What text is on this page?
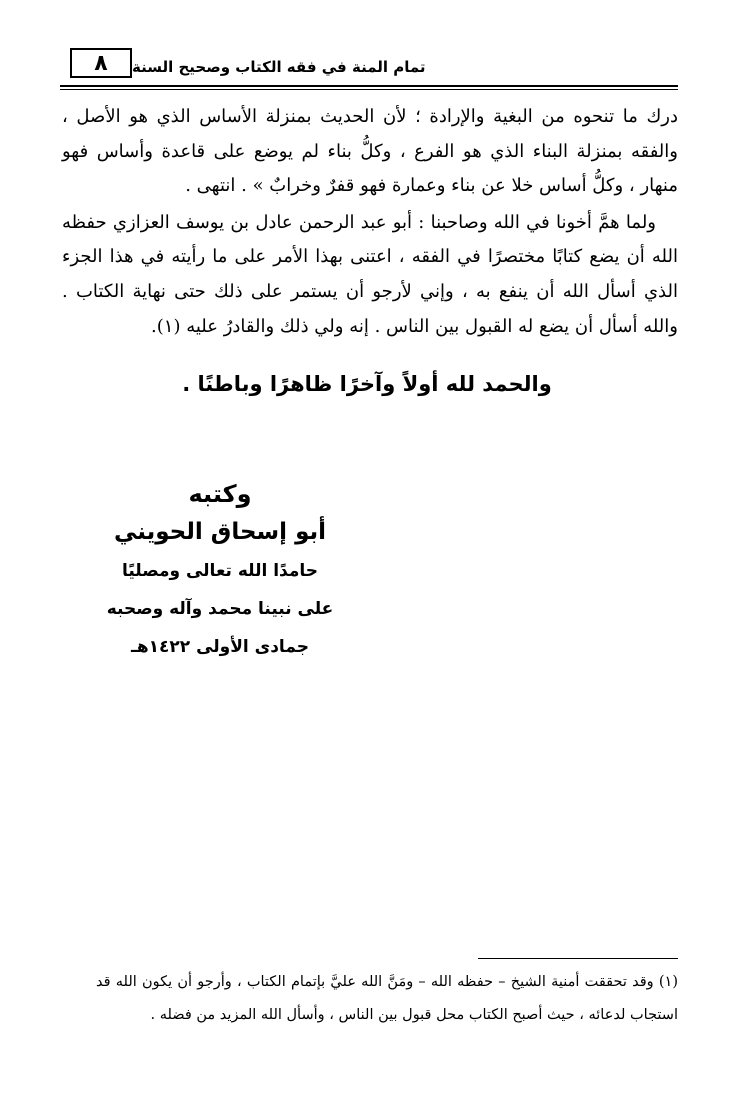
٨ تمام المنة في فقه الكتاب وصحيح السنة

درك ما تنحوه من البغية والإرادة ؛ لأن الحديث بمنزلة الأساس الذي هو الأصل ، والفقه بمنزلة البناء الذي هو الفرع ، وكلُّ بناء لم يوضع على قاعدة وأساس فهو منهار ، وكلُّ أساس خلا عن بناء وعمارة فهو قفرٌ وخرابٌ » . انتهى .

ولما همَّ أخونا في الله وصاحبنا : أبو عبد الرحمن عادل بن يوسف العزازي حفظه الله أن يضع كتابًا مختصرًا في الفقه ، اعتنى بهذا الأمر على ما رأيته في هذا الجزء الذي أسأل الله أن ينفع به ، وإني لأرجو أن يستمر على ذلك حتى نهاية الكتاب . والله أسأل أن يضع له القبول بين الناس . إنه ولي ذلك والقادرُ عليه (١).

والحمد لله أولاً وآخرًا ظاهرًا وباطنًا .
وكتبه
أبو إسحاق الحويني
حامدًا الله تعالى ومصليًا
على نبينا محمد وآله وصحبه
جمادى الأولى ١٤٢٢هـ

(١) وقد تحققت أمنية الشيخ – حفظه الله – ومَنَّ الله عليَّ بإتمام الكتاب ، وأرجو أن يكون الله قد استجاب لدعائه ، حيث أصبح الكتاب محل قبول بين الناس ، وأسأل الله المزيد من فضله .
